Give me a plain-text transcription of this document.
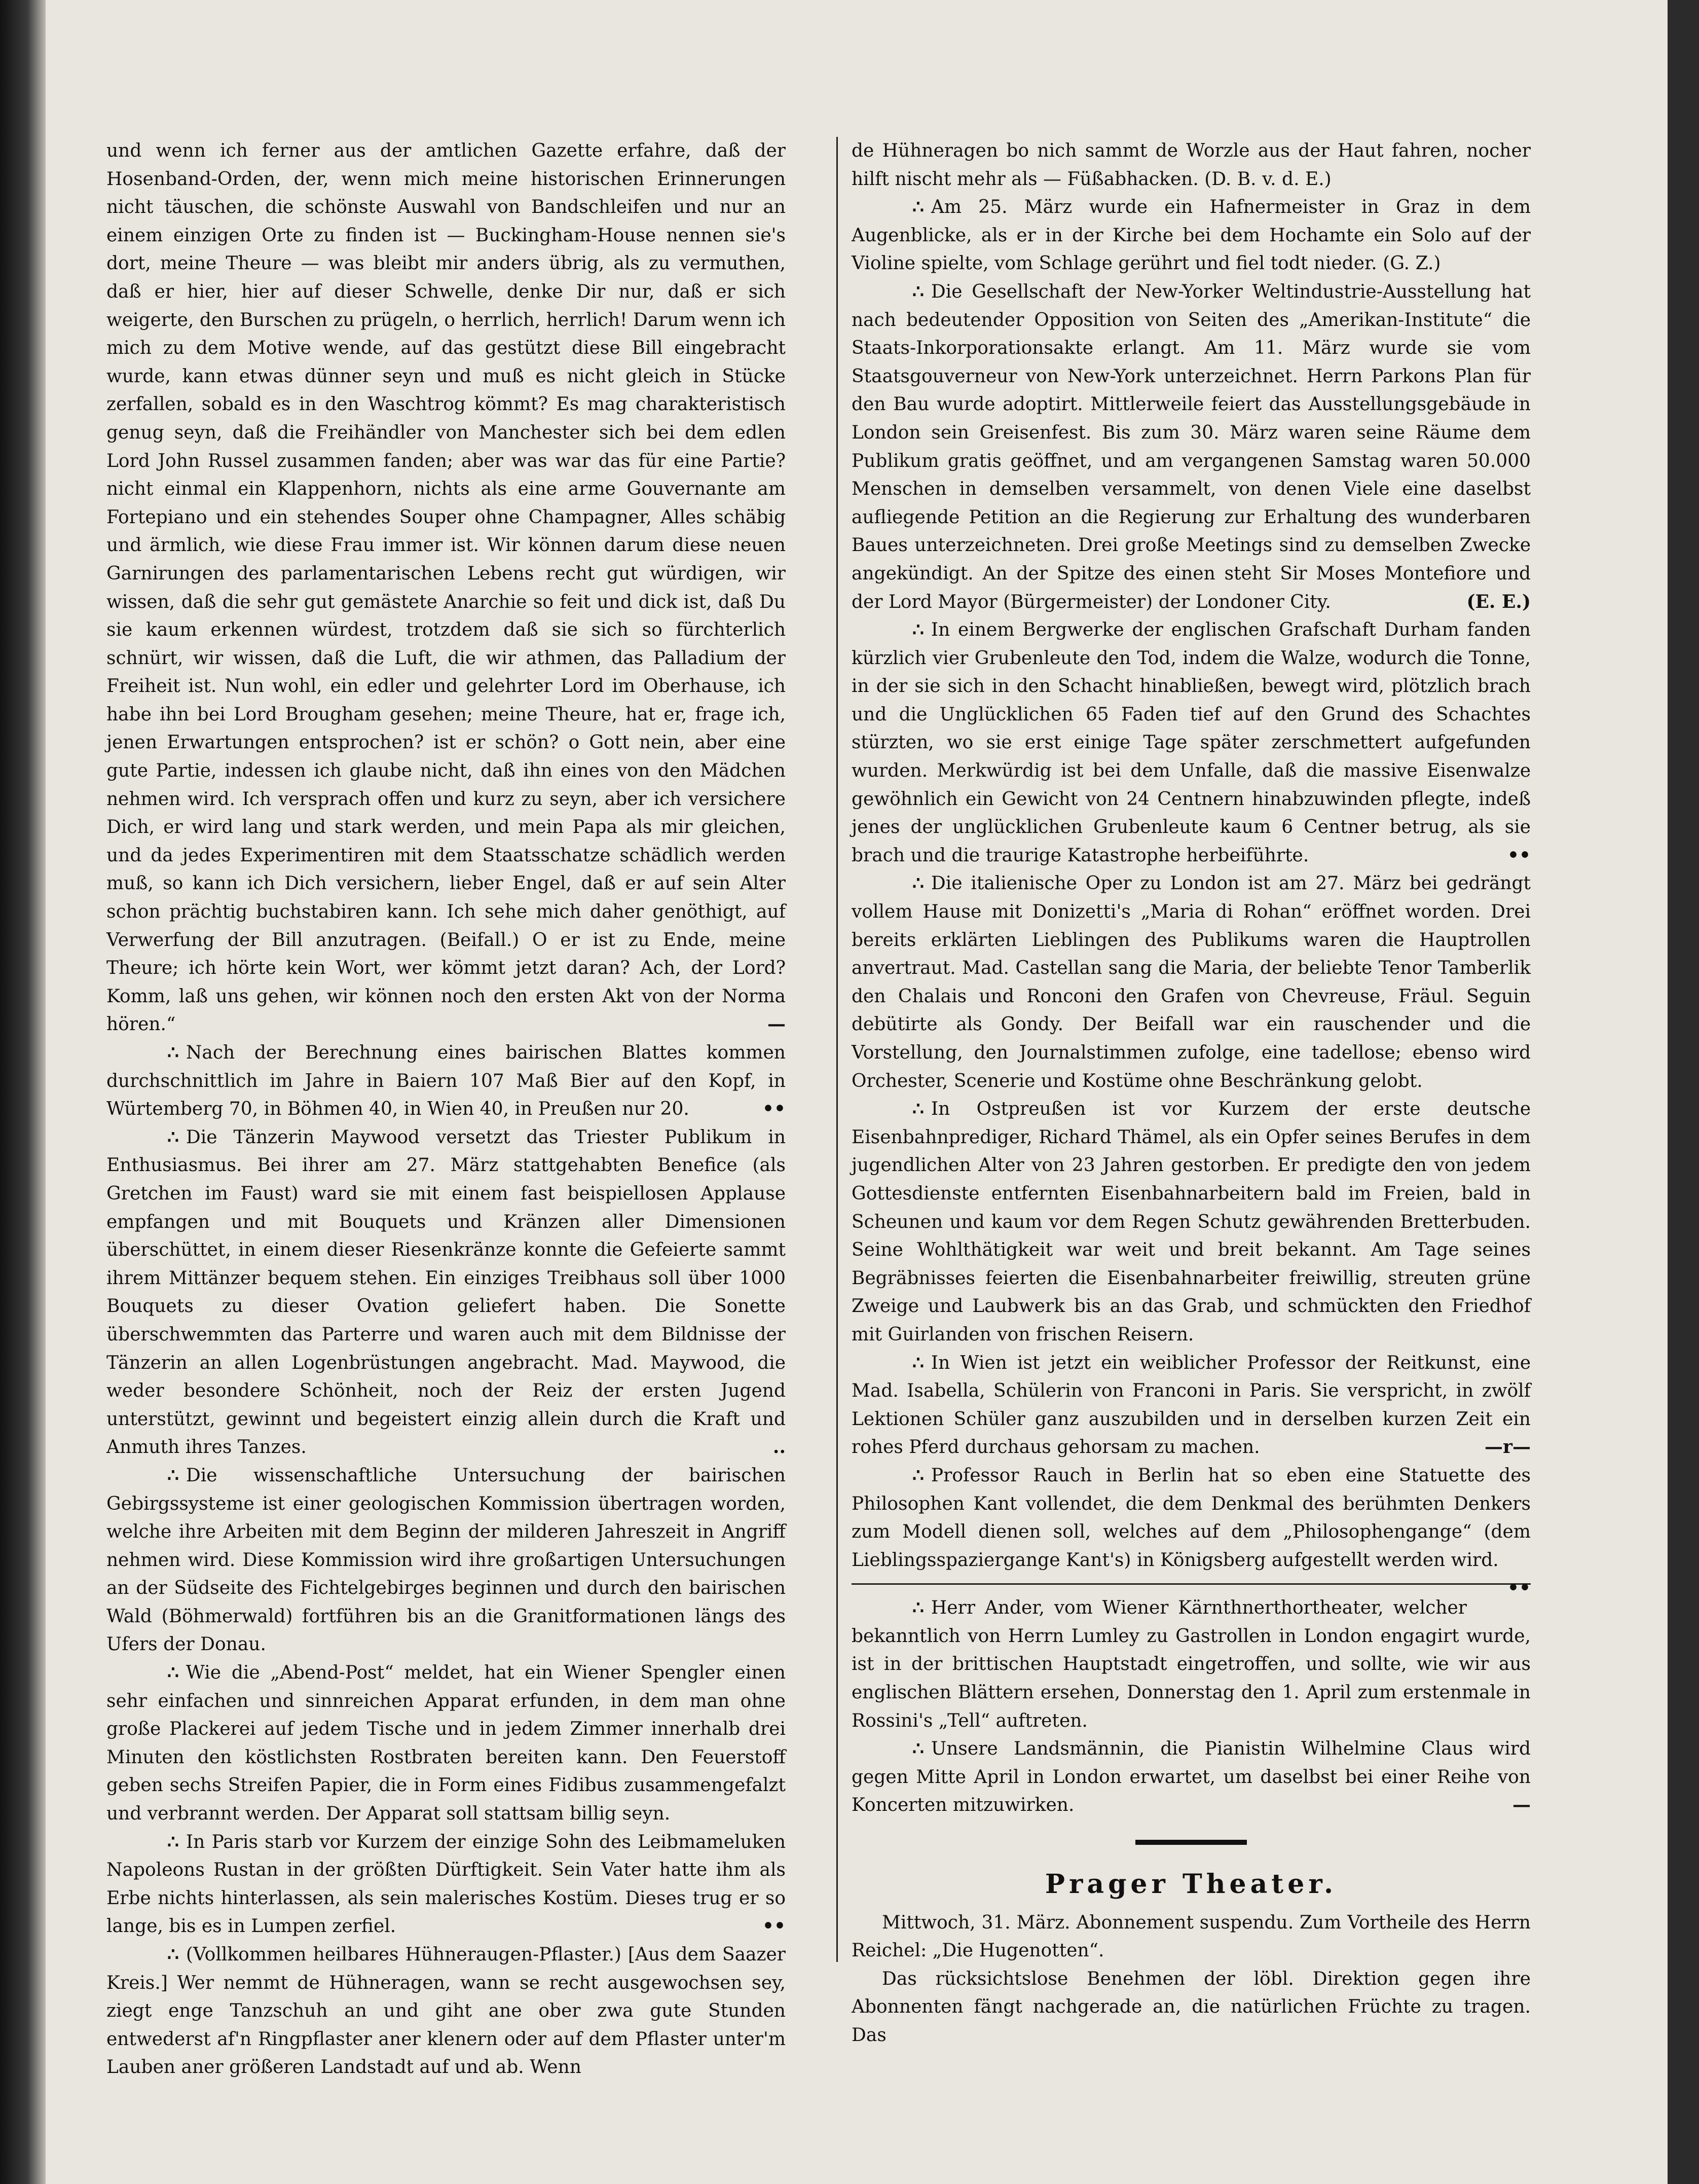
und wenn ich ferner aus der amtlichen Gazette erfahre, daß der Hosenband-Orden, der, wenn mich meine historischen Erinnerungen nicht täuschen, die schönste Auswahl von Bandschleifen und nur an einem einzigen Orte zu finden ist — Buckingham-House nennen sie's dort, meine Theure — was bleibt mir anders übrig, als zu vermuthen, daß er hier, hier auf dieser Schwelle, denke Dir nur, daß er sich weigerte, den Burschen zu prügeln, o herrlich, herrlich! Darum wenn ich mich zu dem Motive wende, auf das gestützt diese Bill eingebracht wurde, kann etwas dünner seyn und muß es nicht gleich in Stücke zerfallen, sobald es in den Waschtrog kömmt? Es mag charakteristisch genug seyn, daß die Freihändler von Manchester sich bei dem edlen Lord John Russel zusammen fanden; aber was war das für eine Partie? nicht einmal ein Klappenhorn, nichts als eine arme Gouvernante am Fortepiano und ein stehendes Souper ohne Champagner, Alles schäbig und ärmlich, wie diese Frau immer ist. Wir können darum diese neuen Garnirungen des parlamentarischen Lebens recht gut würdigen, wir wissen, daß die sehr gut gemästete Anarchie so feit und dick ist, daß Du sie kaum erkennen würdest, trotzdem daß sie sich so fürchterlich schnürt, wir wissen, daß die Luft, die wir athmen, das Palladium der Freiheit ist. Nun wohl, ein edler und gelehrter Lord im Oberhause, ich habe ihn bei Lord Brougham gesehen; meine Theure, hat er, frage ich, jenen Erwartungen entsprochen? ist er schön? o Gott nein, aber eine gute Partie, indessen ich glaube nicht, daß ihn eines von den Mädchen nehmen wird. Ich versprach offen und kurz zu seyn, aber ich versichere Dich, er wird lang und stark werden, und mein Papa als mir gleichen, und da jedes Experimentiren mit dem Staatsschatze schädlich werden muß, so kann ich Dich versichern, lieber Engel, daß er auf sein Alter schon prächtig buchstabiren kann. Ich sehe mich daher genöthigt, auf Verwerfung der Bill anzutragen. (Beifall.) O er ist zu Ende, meine Theure; ich hörte kein Wort, wer kömmt jetzt daran? Ach, der Lord? Komm, laß uns gehen, wir können noch den ersten Akt von der Norma hören.“	—

∴ Nach der Berechnung eines bairischen Blattes kommen durchschnittlich im Jahre in Baiern 107 Maß Bier auf den Kopf, in Würtemberg 70, in Böhmen 40, in Wien 40, in Preußen nur 20.	••

∴ Die Tänzerin Maywood versetzt das Triester Publikum in Enthusiasmus. Bei ihrer am 27. März stattgehabten Benefice (als Gretchen im Faust) ward sie mit einem fast beispiellosen Applause empfangen und mit Bouquets und Kränzen aller Dimensionen überschüttet, in einem dieser Riesenkränze konnte die Gefeierte sammt ihrem Mittänzer bequem stehen. Ein einziges Treibhaus soll über 1000 Bouquets zu dieser Ovation geliefert haben. Die Sonette überschwemmten das Parterre und waren auch mit dem Bildnisse der Tänzerin an allen Logenbrüstungen angebracht. Mad. Maywood, die weder besondere Schönheit, noch der Reiz der ersten Jugend unterstützt, gewinnt und begeistert einzig allein durch die Kraft und Anmuth ihres Tanzes.	..

∴ Die wissenschaftliche Untersuchung der bairischen Gebirgssysteme ist einer geologischen Kommission übertragen worden, welche ihre Arbeiten mit dem Beginn der milderen Jahreszeit in Angriff nehmen wird. Diese Kommission wird ihre großartigen Untersuchungen an der Südseite des Fichtelgebirges beginnen und durch den bairischen Wald (Böhmerwald) fortführen bis an die Granitformationen längs des Ufers der Donau.

∴ Wie die „Abend-Post“ meldet, hat ein Wiener Spengler einen sehr einfachen und sinnreichen Apparat erfunden, in dem man ohne große Plackerei auf jedem Tische und in jedem Zimmer innerhalb drei Minuten den köstlichsten Rostbraten bereiten kann. Den Feuerstoff geben sechs Streifen Papier, die in Form eines Fidibus zusammengefalzt und verbrannt werden. Der Apparat soll stattsam billig seyn.

∴ In Paris starb vor Kurzem der einzige Sohn des Leibmameluken Napoleons Rustan in der größten Dürftigkeit. Sein Vater hatte ihm als Erbe nichts hinterlassen, als sein malerisches Kostüm. Dieses trug er so lange, bis es in Lumpen zerfiel.	••

∴ (Vollkommen heilbares Hühneraugen-Pflaster.) [Aus dem Saazer Kreis.] Wer nemmt de Hühneragen, wann se recht ausgewochsen sey, ziegt enge Tanzschuh an und giht ane ober zwa gute Stunden entwederst af'n Ringpflaster aner klenern oder auf dem Pflaster unter'm Lauben aner größeren Landstadt auf und ab. Wenn

de Hühneragen bo nich sammt de Worzle aus der Haut fahren, nocher hilft nischt mehr als — Füßabhacken. (D. B. v. d. E.)

∴ Am 25. März wurde ein Hafnermeister in Graz in dem Augenblicke, als er in der Kirche bei dem Hochamte ein Solo auf der Violine spielte, vom Schlage gerührt und fiel todt nieder. (G. Z.)

∴ Die Gesellschaft der New-Yorker Weltindustrie-Ausstellung hat nach bedeutender Opposition von Seiten des „Amerikan-Institute“ die Staats-Inkorporationsakte erlangt. Am 11. März wurde sie vom Staatsgouverneur von New-York unterzeichnet. Herrn Parkons Plan für den Bau wurde adoptirt. Mittlerweile feiert das Ausstellungsgebäude in London sein Greisenfest. Bis zum 30. März waren seine Räume dem Publikum gratis geöffnet, und am vergangenen Samstag waren 50.000 Menschen in demselben versammelt, von denen Viele eine daselbst aufliegende Petition an die Regierung zur Erhaltung des wunderbaren Baues unterzeichneten. Drei große Meetings sind zu demselben Zwecke angekündigt. An der Spitze des einen steht Sir Moses Montefiore und der Lord Mayor (Bürgermeister) der Londoner City.	(E. E.)

∴ In einem Bergwerke der englischen Grafschaft Durham fanden kürzlich vier Grubenleute den Tod, indem die Walze, wodurch die Tonne, in der sie sich in den Schacht hinabließen, bewegt wird, plötzlich brach und die Unglücklichen 65 Faden tief auf den Grund des Schachtes stürzten, wo sie erst einige Tage später zerschmettert aufgefunden wurden. Merkwürdig ist bei dem Unfalle, daß die massive Eisenwalze gewöhnlich ein Gewicht von 24 Centnern hinabzuwinden pflegte, indeß jenes der unglücklichen Grubenleute kaum 6 Centner betrug, als sie brach und die traurige Katastrophe herbeiführte.	••

∴ Die italienische Oper zu London ist am 27. März bei gedrängt vollem Hause mit Donizetti's „Maria di Rohan“ eröffnet worden. Drei bereits erklärten Lieblingen des Publikums waren die Hauptrollen anvertraut. Mad. Castellan sang die Maria, der beliebte Tenor Tamberlik den Chalais und Ronconi den Grafen von Chevreuse, Fräul. Seguin debütirte als Gondy. Der Beifall war ein rauschender und die Vorstellung, den Journalstimmen zufolge, eine tadellose; ebenso wird Orchester, Scenerie und Kostüme ohne Beschränkung gelobt.

∴ In Ostpreußen ist vor Kurzem der erste deutsche Eisenbahnprediger, Richard Thämel, als ein Opfer seines Berufes in dem jugendlichen Alter von 23 Jahren gestorben. Er predigte den von jedem Gottesdienste entfernten Eisenbahnarbeitern bald im Freien, bald in Scheunen und kaum vor dem Regen Schutz gewährenden Bretterbuden. Seine Wohlthätigkeit war weit und breit bekannt. Am Tage seines Begräbnisses feierten die Eisenbahnarbeiter freiwillig, streuten grüne Zweige und Laubwerk bis an das Grab, und schmückten den Friedhof mit Guirlanden von frischen Reisern.

∴ In Wien ist jetzt ein weiblicher Professor der Reitkunst, eine Mad. Isabella, Schülerin von Franconi in Paris. Sie verspricht, in zwölf Lektionen Schüler ganz auszubilden und in derselben kurzen Zeit ein rohes Pferd durchaus gehorsam zu machen.	—r—

∴ Professor Rauch in Berlin hat so eben eine Statuette des Philosophen Kant vollendet, die dem Denkmal des berühmten Denkers zum Modell dienen soll, welches auf dem „Philosophengange“ (dem Lieblingsspaziergange Kant's) in Königsberg aufgestellt werden wird.
••

∴ Herr Ander, vom Wiener Kärnthnerthortheater, welcher bekanntlich von Herrn Lumley zu Gastrollen in London engagirt wurde, ist in der brittischen Hauptstadt eingetroffen, und sollte, wie wir aus englischen Blättern ersehen, Donnerstag den 1. April zum erstenmale in Rossini's „Tell“ auftreten.

∴ Unsere Landsmännin, die Pianistin Wilhelmine Claus wird gegen Mitte April in London erwartet, um daselbst bei einer Reihe von Koncerten mitzuwirken.	—

Prager Theater.

Mittwoch, 31. März. Abonnement suspendu. Zum Vortheile des Herrn Reichel: „Die Hugenotten“.

Das rücksichtslose Benehmen der löbl. Direktion gegen ihre Abonnenten fängt nachgerade an, die natürlichen Früchte zu tragen. Das
